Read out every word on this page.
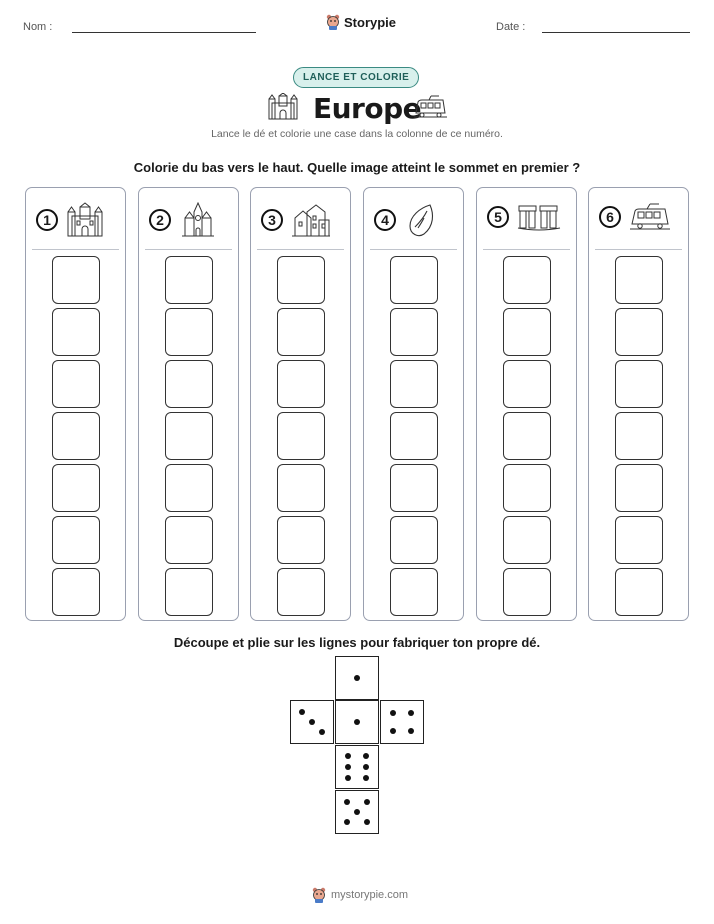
Nom :	Storypie	Date :
LANCE ET COLORIE
Europe
Lance le dé et colorie une case dans la colonne de ce numéro.
Colorie du bas vers le haut. Quelle image atteint le sommet en premier ?
1	2	3	4	5	6
Découpe et plie sur les lignes pour fabriquer ton propre dé.
mystorypie.com
